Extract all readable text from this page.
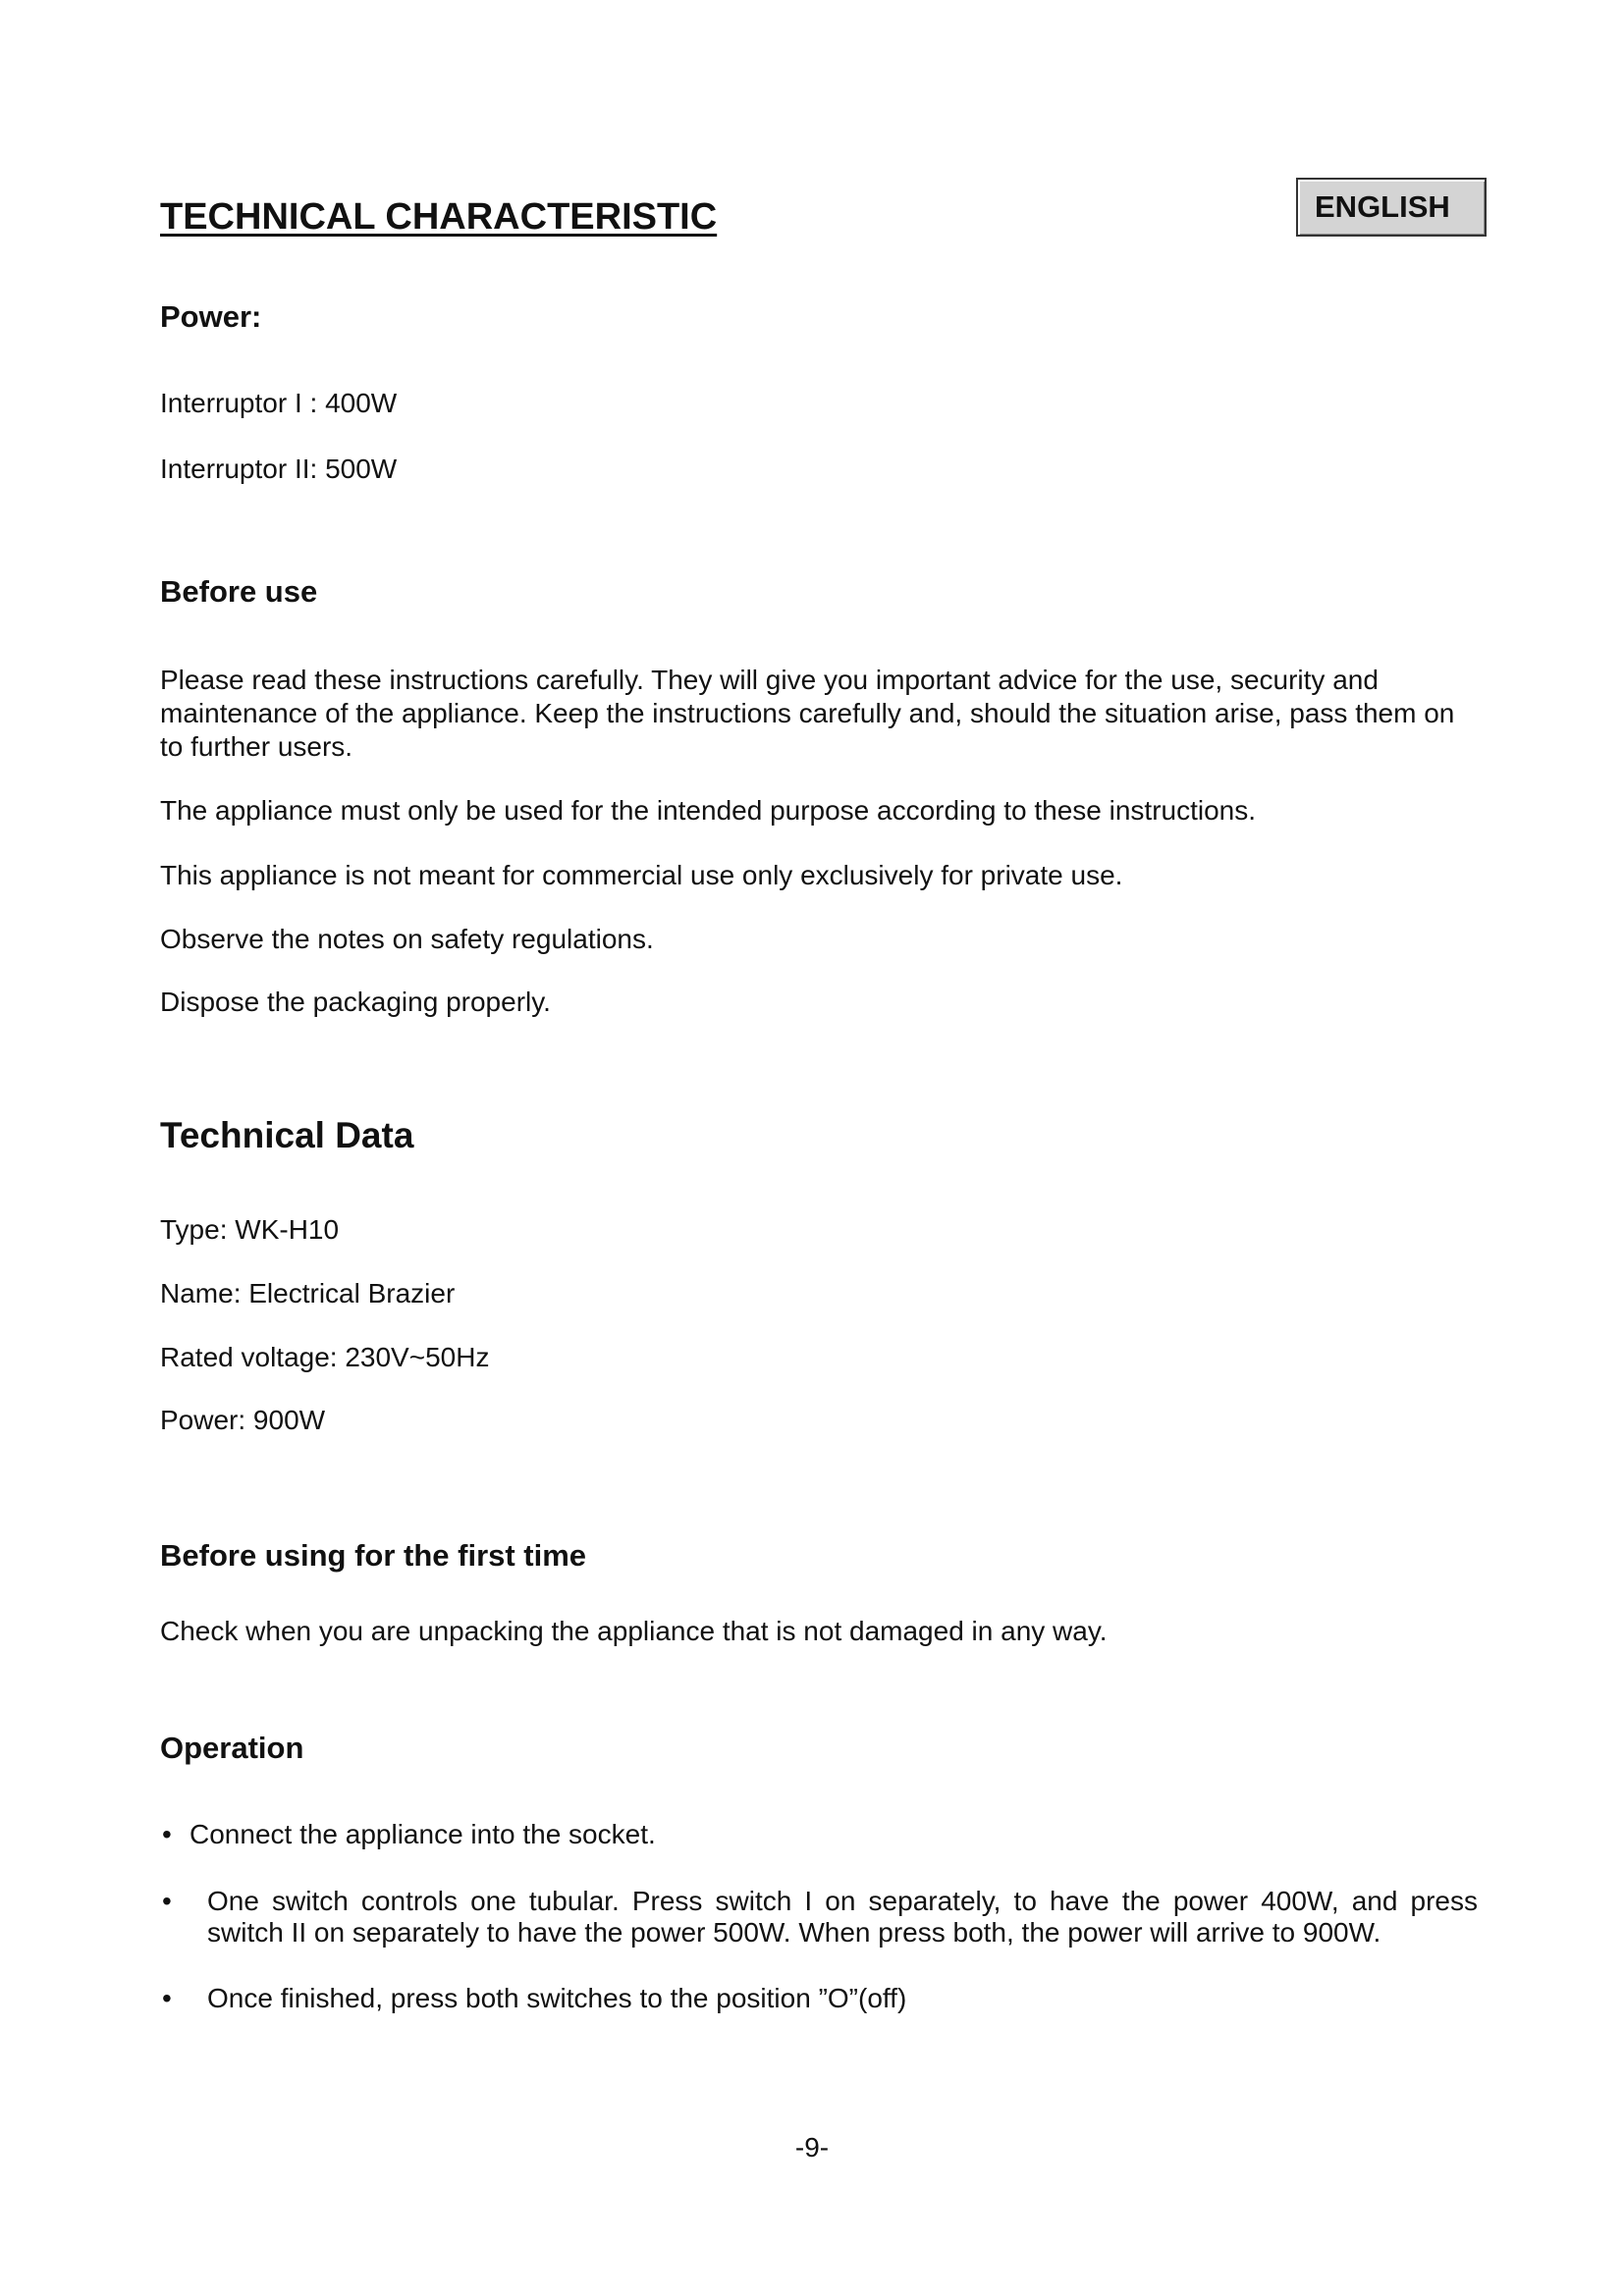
TECHNICAL CHARACTERISTIC	ENGLISH
Power:

Interruptor I : 400W

Interruptor II: 500W

Before use

Please read these instructions carefully. They will give you important advice for the use, security and maintenance of the appliance. Keep the instructions carefully and, should the situation arise, pass them on to further users.

The appliance must only be used for the intended purpose according to these instructions.

This appliance is not meant for commercial use only exclusively for private use.

Observe the notes on safety regulations.

Dispose the packaging properly.

Technical Data

Type: WK-H10

Name: Electrical Brazier

Rated voltage: 230V~50Hz

Power: 900W

Before using for the first time

Check when you are unpacking the appliance that is not damaged in any way.

Operation
• Connect the appliance into the socket.

• One switch controls one tubular. Press switch I on separately, to have the power 400W, and press switch II on separately to have the power 500W. When press both, the power will arrive to 900W.

• Once finished, press both switches to the position ”O”(off)

-9-
